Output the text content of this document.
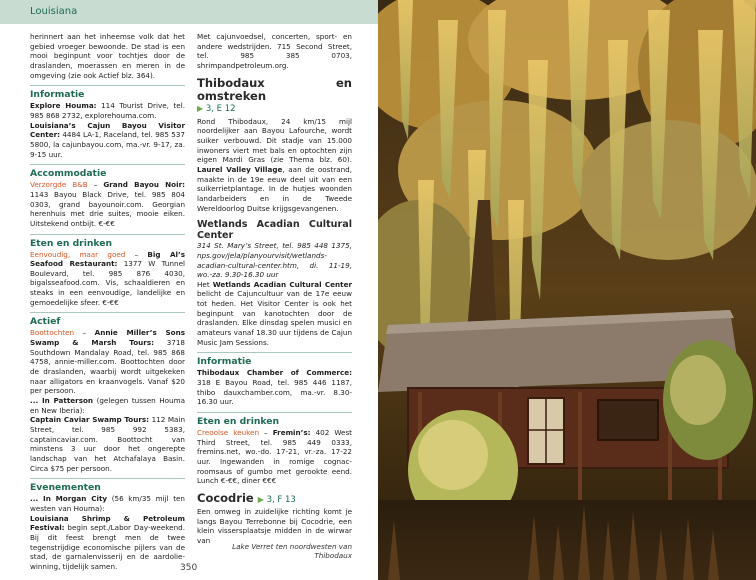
Louisiana

herinnert aan het inheemse volk dat het gebied vroeger bewoonde. De stad is een mooi beginpunt voor tochtjes door de draslanden, moerassen en meren in de omgeving (zie ook Actief blz. 364).

Informatie

Explore Houma: 114 Tourist Drive, tel. 985 868 2732, explorehouma.com.

Louisiana’s Cajun Bayou Visitor Center: 4484 LA-1, Raceland, tel. 985 537 5800, la cajunbayou.com, ma.-vr. 9-17, za. 9-15 uur.

Accommodatie

Verzorgde B&B – Grand Bayou Noir: 1143 Bayou Black Drive, tel. 985 804 0303, grand bayounoir.com. Georgian herenhuis met drie suites, mooie eiken. Uitstekend ontbijt. €-€€

Eten en drinken

Eenvoudig, maar goed – Big Al’s Seafood Restaurant: 1377 W Tunnel Boulevard, tel. 985 876 4030, bigalsseafood.com. Vis, schaaldieren en steaks in een eenvoudige, landelijke en gemoedelijke sfeer. €-€€

Actief

Boottochten – Annie Miller’s Sons Swamp & Marsh Tours: 3718 Southdown Mandalay Road, tel. 985 868 4758, annie-miller.com. Boottochten door de draslanden, waarbij wordt uitgekeken naar alligators en kraanvogels. Vanaf $20 per persoon.

... In Patterson (gelegen tussen Houma en New Iberia):

Captain Caviar Swamp Tours: 112 Main Street, tel. 985 992 5383, captaincaviar.com. Boottocht van minstens 3 uur door het ongerepte landschap van het Atchafalaya Basin. Circa $75 per persoon.

Evenementen

... In Morgan City (56 km/35 mijl ten westen van Houma):

Louisiana Shrimp & Petroleum Festival: begin sept./Labor Day-weekend. Bij dit feest brengt men de twee tegenstrijdige economische pijlers van de stad, de garnalenvisserij en de aardoliewinning, tijdelijk samen.

Met cajunvoedsel, concerten, sport- en andere wedstrijden. 715 Second Street, tel. 985 385 0703, shrimpandpetroleum.org.

Thibodaux en omstreken
▶ 3, E 12

Rond Thibodaux, 24 km/15 mijl noordelijker aan Bayou Lafourche, wordt suiker verbouwd. Dit stadje van 15.000 inwoners viert met bals en optochten zijn eigen Mardi Gras (zie Thema blz. 60). Laurel Valley Village, aan de oostrand, maakte in de 19e eeuw deel uit van een suikerrietplantage. In de hutjes woonden landarbeiders en in de Tweede Wereldoorlog Duitse krijgsgevangenen.

Wetlands Acadian Cultural Center

314 St. Mary’s Street, tel. 985 448 1375, nps.gov/jela/planyourvisit/wetlands-acadian-cultural-center.htm, di. 11-19, wo.-za. 9.30-16.30 uur

Het Wetlands Acadian Cultural Center belicht de Cajuncultuur van de 17e eeuw tot heden. Het Visitor Center is ook het beginpunt van kanotochten door de draslanden. Elke dinsdag spelen musici en amateurs vanaf 18.30 uur tijdens de Cajun Music Jam Sessions.

Informatie

Thibodaux Chamber of Commerce: 318 E Bayou Road, tel. 985 446 1187, thibo dauxchamber.com, ma.-vr. 8.30-16.30 uur.

Eten en drinken

Creoolse keuken – Fremin’s: 402 West Third Street, tel. 985 449 0333, fremins.net, wo.-do. 17-21, vr.-za. 17-22 uur. Ingewanden in romige cognac-roomsaus of gumbo met gerookte eend. Lunch €-€€, diner €€€

Cocodrie ▶ 3, F 13

Een omweg in zuidelijke richting komt je langs Bayou Terrebonne bij Cocodrie, een klein vissersplaatsje midden in de wirwar van

Lake Verret ten noordwesten van Thibodaux
350
